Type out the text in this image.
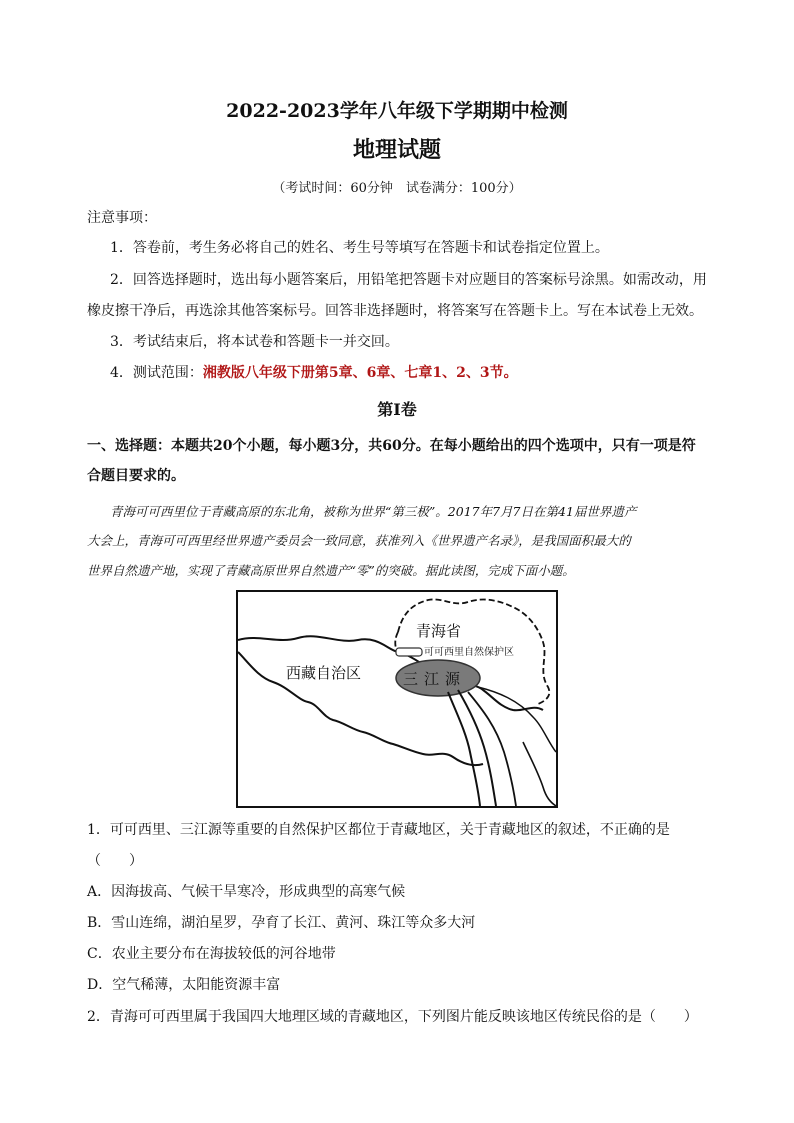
2022-2023学年八年级下学期期中检测
地理试题
（考试时间：60分钟　试卷满分：100分）
注意事项：
1．答卷前，考生务必将自己的姓名、考生号等填写在答题卡和试卷指定位置上。
2．回答选择题时，选出每小题答案后，用铅笔把答题卡对应题目的答案标号涂黑。如需改动，用
橡皮擦干净后，再选涂其他答案标号。回答非选择题时，将答案写在答题卡上。写在本试卷上无效。
3．考试结束后，将本试卷和答题卡一并交回。
4．测试范围：湘教版八年级下册第5章、6章、七章1、2、3节。
第Ⅰ卷
一、选择题：本题共20个小题，每小题3分，共60分。在每小题给出的四个选项中，只有一项是符
合题目要求的。
青海可可西里位于青藏高原的东北角，被称为世界“第三极”。2017年7月7日在第41届世界遗产
大会上，青海可可西里经世界遗产委员会一致同意，获准列入《世界遗产名录》，是我国面积最大的
世界自然遗产地，实现了青藏高原世界自然遗产“零”的突破。据此读图，完成下面小题。
青海省
可可西里自然保护区
西藏自治区	三江源
1．可可西里、三江源等重要的自然保护区都位于青藏地区，关于青藏地区的叙述，不正确的是
（　　）
A．因海拔高、气候干旱寒冷，形成典型的高寒气候
B．雪山连绵，湖泊星罗，孕育了长江、黄河、珠江等众多大河
C．农业主要分布在海拔较低的河谷地带
D．空气稀薄，太阳能资源丰富
2．青海可可西里属于我国四大地理区域的青藏地区，下列图片能反映该地区传统民俗的是（　　）
